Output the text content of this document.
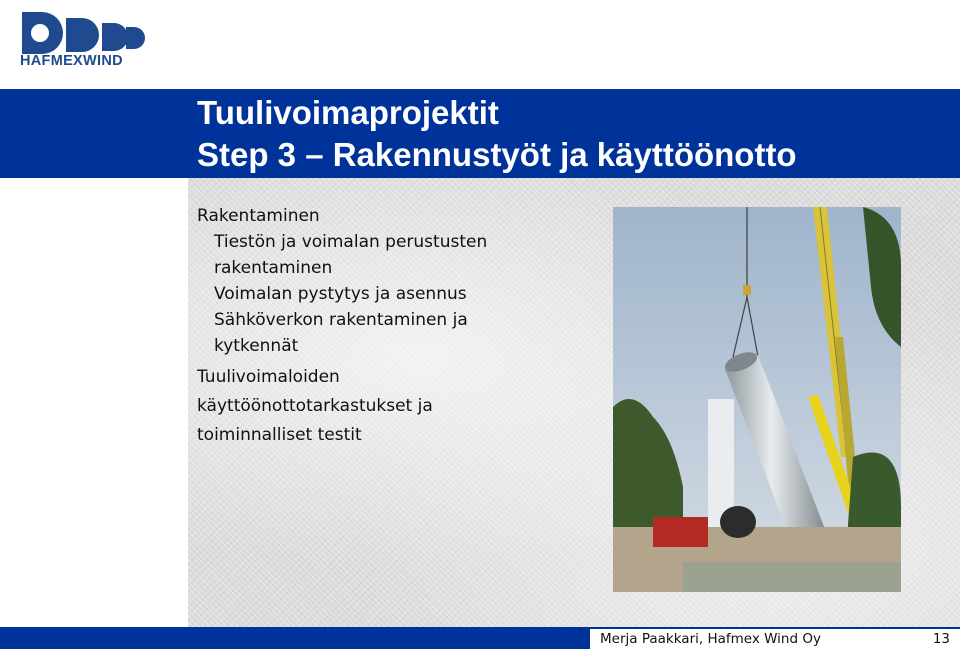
HAFMEXWIND
Tuulivoimaprojektit
Step 3 – Rakennustyöt ja käyttöönotto

Rakentaminen

Tiestön ja voimalan perustusten

rakentaminen

Voimalan pystytys ja asennus

Sähköverkon rakentaminen ja

kytkennät

Tuulivoimaloiden

käyttöönottotarkastukset ja

toiminnalliset testit

Merja Paakkari, Hafmex Wind Oy	13
